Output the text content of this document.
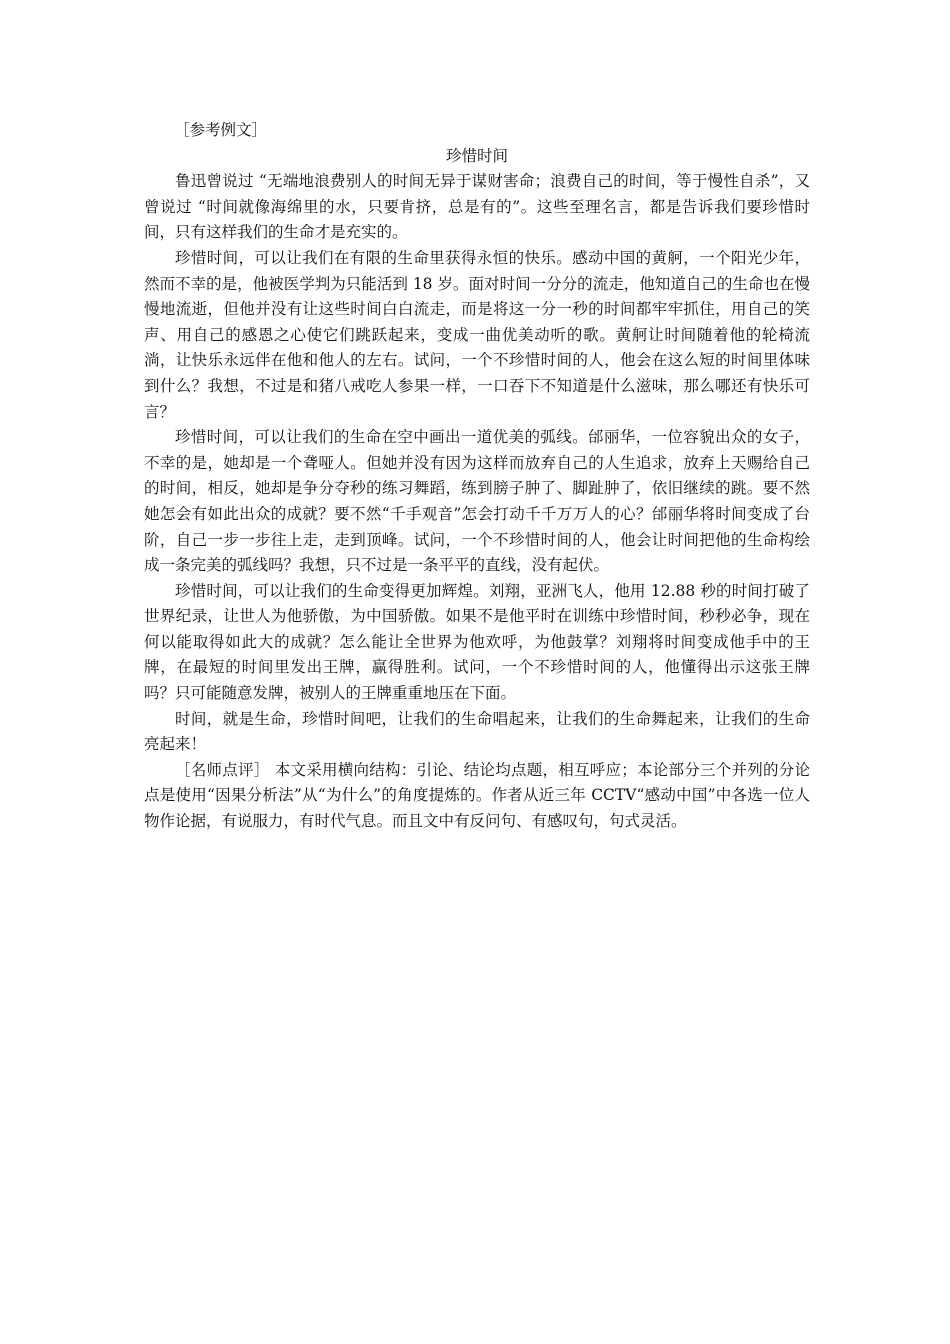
［参考例文］

珍惜时间

鲁迅曾说过 “无端地浪费别人的时间无异于谋财害命；浪费自己的时间，等于慢性自杀”，又曾说过 “时间就像海绵里的水，只要肯挤，总是有的”。这些至理名言，都是告诉我们要珍惜时间，只有这样我们的生命才是充实的。

珍惜时间，可以让我们在有限的生命里获得永恒的快乐。感动中国的黄舸，一个阳光少年，然而不幸的是，他被医学判为只能活到 18 岁。面对时间一分分的流走，他知道自己的生命也在慢慢地流逝，但他并没有让这些时间白白流走，而是将这一分一秒的时间都牢牢抓住，用自己的笑声、用自己的感恩之心使它们跳跃起来，变成一曲优美动听的歌。黄舸让时间随着他的轮椅流淌，让快乐永远伴在他和他人的左右。试问，一个不珍惜时间的人，他会在这么短的时间里体味到什么？我想，不过是和猪八戒吃人参果一样，一口吞下不知道是什么滋味，那么哪还有快乐可言？

珍惜时间，可以让我们的生命在空中画出一道优美的弧线。邰丽华，一位容貌出众的女子，不幸的是，她却是一个聋哑人。但她并没有因为这样而放弃自己的人生追求，放弃上天赐给自己的时间，相反，她却是争分夺秒的练习舞蹈，练到膀子肿了、脚趾肿了，依旧继续的跳。要不然她怎会有如此出众的成就？要不然“千手观音”怎会打动千千万万人的心？邰丽华将时间变成了台阶，自己一步一步往上走，走到顶峰。试问，一个不珍惜时间的人，他会让时间把他的生命构绘成一条完美的弧线吗？我想，只不过是一条平平的直线，没有起伏。

珍惜时间，可以让我们的生命变得更加辉煌。刘翔，亚洲飞人，他用 12.88 秒的时间打破了世界纪录，让世人为他骄傲，为中国骄傲。如果不是他平时在训练中珍惜时间，秒秒必争，现在何以能取得如此大的成就？怎么能让全世界为他欢呼，为他鼓掌？刘翔将时间变成他手中的王牌，在最短的时间里发出王牌，赢得胜利。试问，一个不珍惜时间的人，他懂得出示这张王牌吗？只可能随意发牌，被别人的王牌重重地压在下面。

时间，就是生命，珍惜时间吧，让我们的生命唱起来，让我们的生命舞起来，让我们的生命亮起来！

［名师点评］ 本文采用横向结构：引论、结论均点题，相互呼应；本论部分三个并列的分论点是使用“因果分析法”从“为什么”的角度提炼的。作者从近三年 CCTV“感动中国”中各选一位人物作论据，有说服力，有时代气息。而且文中有反问句、有感叹句，句式灵活。
